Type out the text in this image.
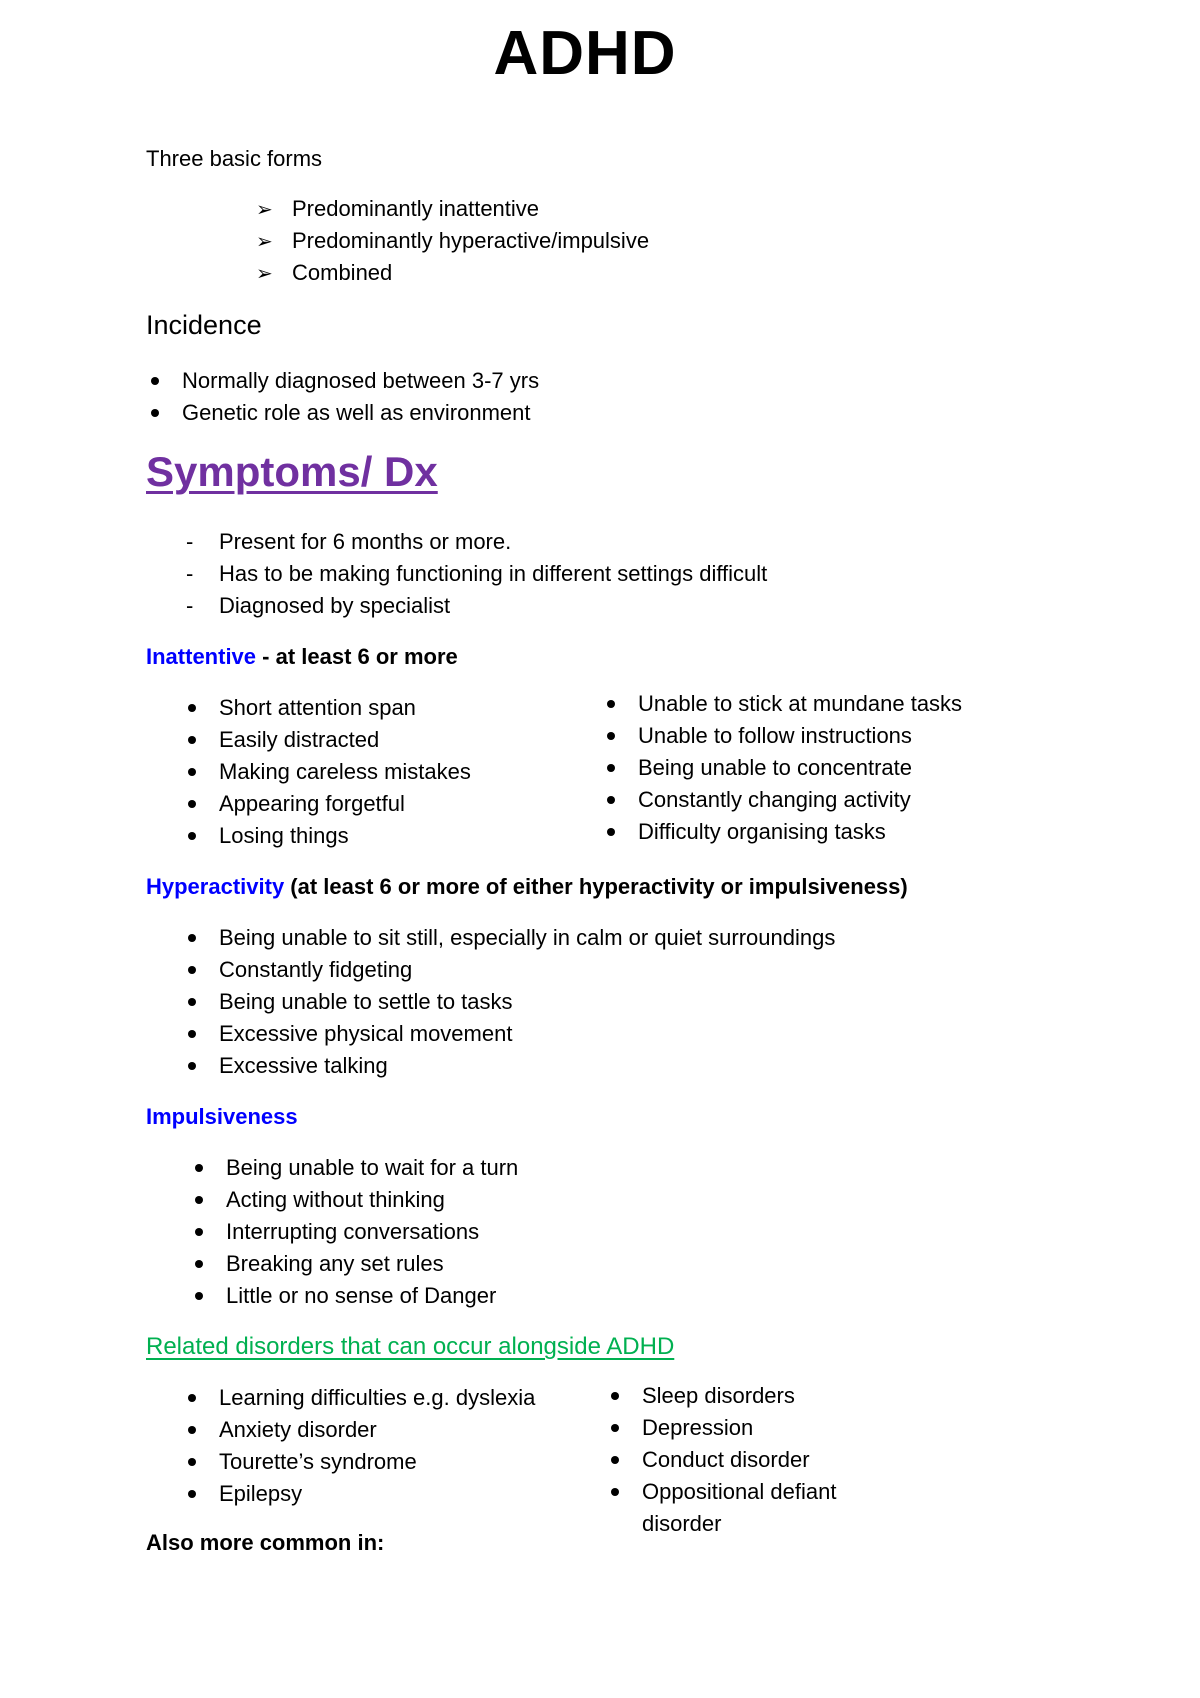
ADHD
Three basic forms
➢ Predominantly inattentive
➢ Predominantly hyperactive/impulsive
➢ Combined
Incidence
Normally diagnosed between 3-7 yrs
Genetic role as well as environment
Symptoms/ Dx
- Present for 6 months or more.
- Has to be making functioning in different settings difficult
- Diagnosed by specialist
Inattentive - at least 6 or more
Short attention span
Easily distracted
Making careless mistakes
Appearing forgetful
Losing things
Unable to stick at mundane tasks
Unable to follow instructions
Being unable to concentrate
Constantly changing activity
Difficulty organising tasks
Hyperactivity (at least 6 or more of either hyperactivity or impulsiveness)
Being unable to sit still, especially in calm or quiet surroundings
Constantly fidgeting
Being unable to settle to tasks
Excessive physical movement
Excessive talking
Impulsiveness
Being unable to wait for a turn
Acting without thinking
Interrupting conversations
Breaking any set rules
Little or no sense of Danger
Related disorders that can occur alongside ADHD
Learning difficulties e.g. dyslexia
Anxiety disorder
Tourette’s syndrome
Epilepsy
Sleep disorders
Depression
Conduct disorder
Oppositional defiant disorder
Also more common in:
